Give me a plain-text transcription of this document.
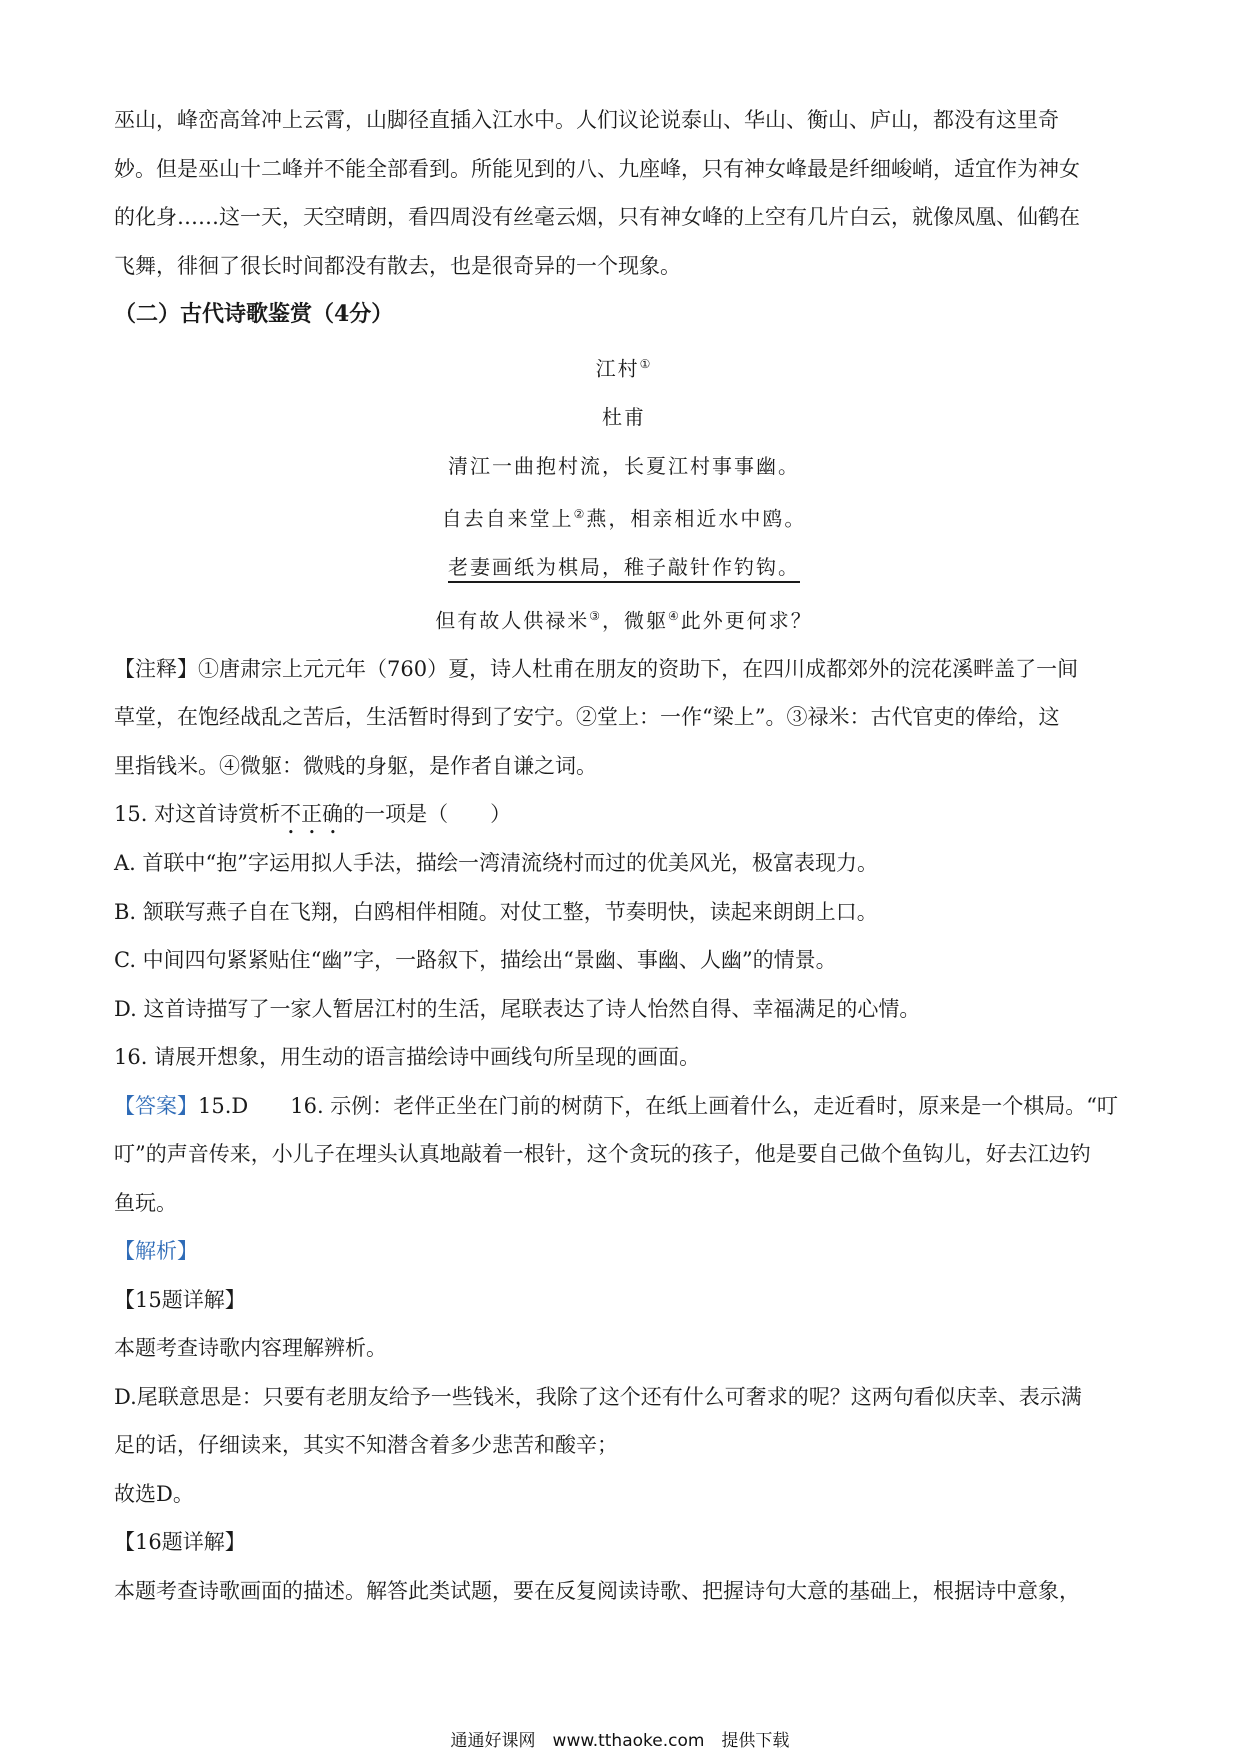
巫山，峰峦高耸冲上云霄，山脚径直插入江水中。人们议论说泰山、华山、衡山、庐山，都没有这里奇

妙。但是巫山十二峰并不能全部看到。所能见到的八、九座峰，只有神女峰最是纤细峻峭，适宜作为神女

的化身……这一天，天空晴朗，看四周没有丝毫云烟，只有神女峰的上空有几片白云，就像凤凰、仙鹤在

飞舞，徘徊了很长时间都没有散去，也是很奇异的一个现象。

（二）古代诗歌鉴赏（4分）

江村①

杜甫

清江一曲抱村流，长夏江村事事幽。

自去自来堂上②燕，相亲相近水中鸥。

老妻画纸为棋局，稚子敲针作钓钩。

但有故人供禄米③，微躯④此外更何求？

【注释】①唐肃宗上元元年（760）夏，诗人杜甫在朋友的资助下，在四川成都郊外的浣花溪畔盖了一间

草堂，在饱经战乱之苦后，生活暂时得到了安宁。②堂上：一作“梁上”。③禄米：古代官吏的俸给，这

里指钱米。④微躯：微贱的身躯，是作者自谦之词。

15. 对这首诗赏析不正确的一项是（　　）

A. 首联中“抱”字运用拟人手法，描绘一湾清流绕村而过的优美风光，极富表现力。

B. 颔联写燕子自在飞翔，白鸥相伴相随。对仗工整，节奏明快，读起来朗朗上口。

C. 中间四句紧紧贴住“幽”字，一路叙下，描绘出“景幽、事幽、人幽”的情景。

D. 这首诗描写了一家人暂居江村的生活，尾联表达了诗人怡然自得、幸福满足的心情。

16. 请展开想象，用生动的语言描绘诗中画线句所呈现的画面。

【答案】15.D　　16. 示例：老伴正坐在门前的树荫下，在纸上画着什么，走近看时，原来是一个棋局。“叮

叮”的声音传来，小儿子在埋头认真地敲着一根针，这个贪玩的孩子，他是要自己做个鱼钩儿，好去江边钓

鱼玩。

【解析】

【15题详解】

本题考查诗歌内容理解辨析。

D.尾联意思是：只要有老朋友给予一些钱米，我除了这个还有什么可奢求的呢？这两句看似庆幸、表示满

足的话，仔细读来，其实不知潜含着多少悲苦和酸辛；

故选D。

【16题详解】

本题考查诗歌画面的描述。解答此类试题，要在反复阅读诗歌、把握诗句大意的基础上，根据诗中意象，

通通好课网　www.tthaoke.com　提供下载
